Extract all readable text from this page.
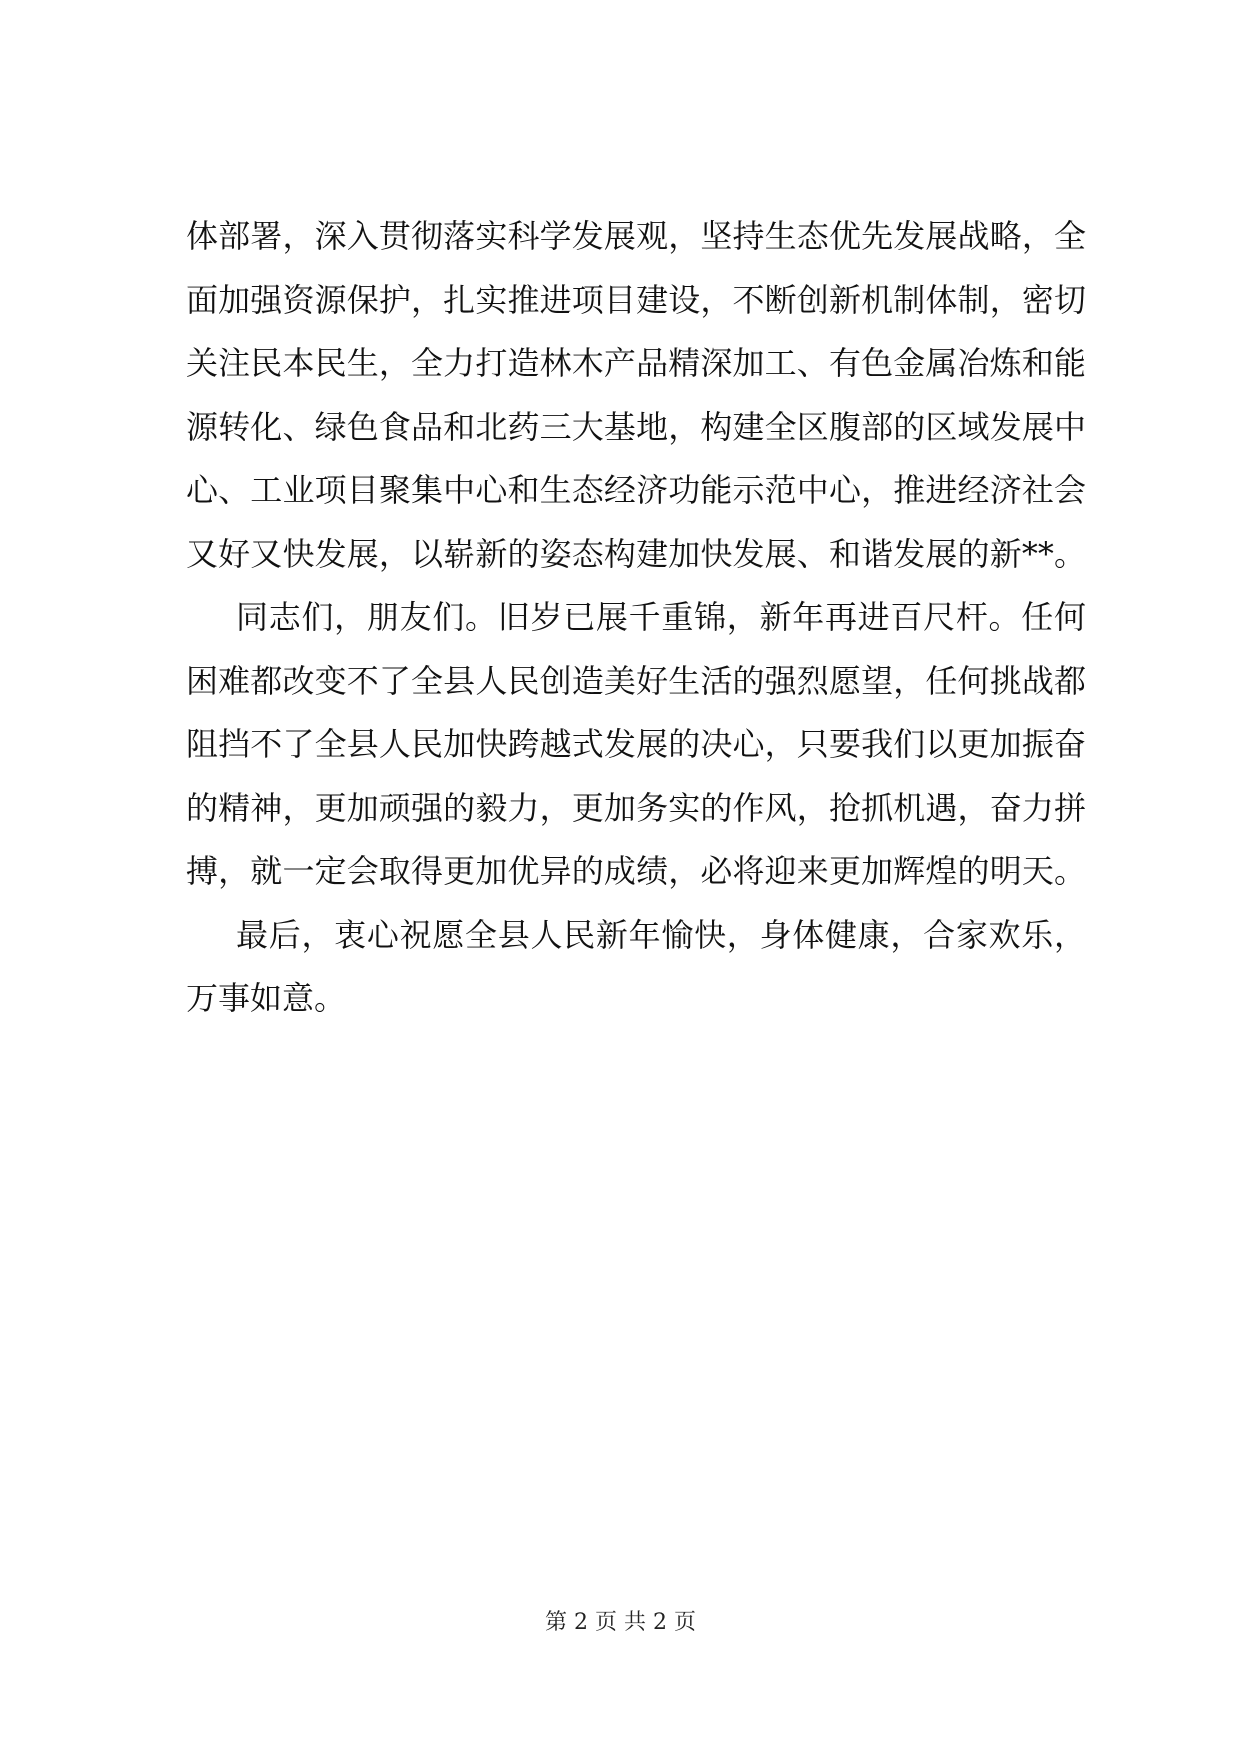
体部署，深入贯彻落实科学发展观，坚持生态优先发展战略，全
面加强资源保护，扎实推进项目建设，不断创新机制体制，密切
关注民本民生，全力打造林木产品精深加工、有色金属冶炼和能
源转化、绿色食品和北药三大基地，构建全区腹部的区域发展中
心、工业项目聚集中心和生态经济功能示范中心，推进经济社会
又好又快发展，以崭新的姿态构建加快发展、和谐发展的新**。
同志们，朋友们。旧岁已展千重锦，新年再进百尺杆。任何
困难都改变不了全县人民创造美好生活的强烈愿望，任何挑战都
阻挡不了全县人民加快跨越式发展的决心，只要我们以更加振奋
的精神，更加顽强的毅力，更加务实的作风，抢抓机遇，奋力拼
搏，就一定会取得更加优异的成绩，必将迎来更加辉煌的明天。
最后，衷心祝愿全县人民新年愉快，身体健康，合家欢乐，
万事如意。
第 2 页 共 2 页
